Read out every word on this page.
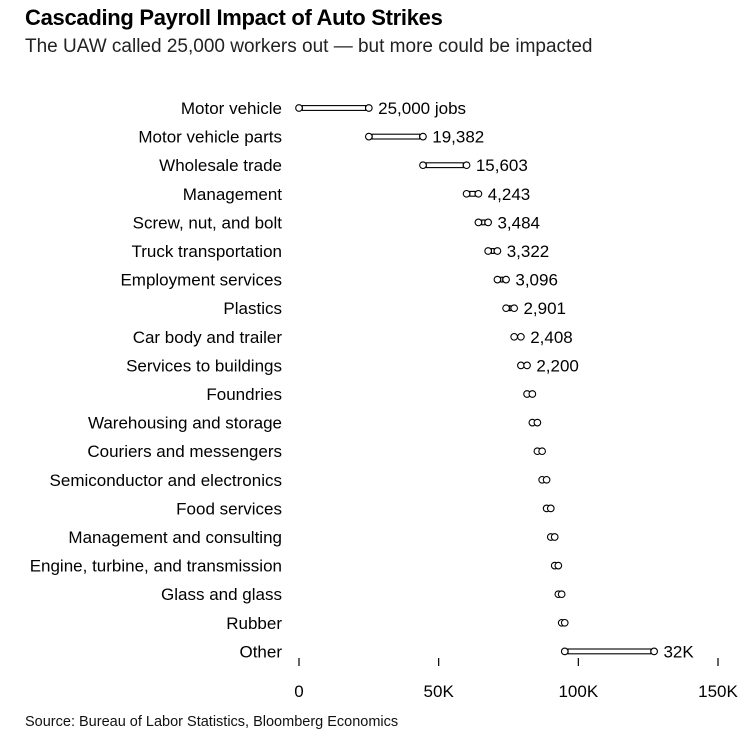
Cascading Payroll Impact of Auto Strikes
The UAW called 25,000 workers out — but more could be impacted
Motor vehicle	25,000 jobs
Motor vehicle parts	19,382
Wholesale trade	15,603
Management	4,243
Screw, nut, and bolt	3,484
Truck transportation	3,322
Employment services	3,096
Plastics	2,901
Car body and trailer	2,408
Services to buildings	2,200
Foundries
Warehousing and storage
Couriers and messengers
Semiconductor and electronics
Food services
Management and consulting
Engine, turbine, and transmission
Glass and glass
Rubber
Other	32K
0	50K	100K	150K
Source: Bureau of Labor Statistics, Bloomberg Economics
